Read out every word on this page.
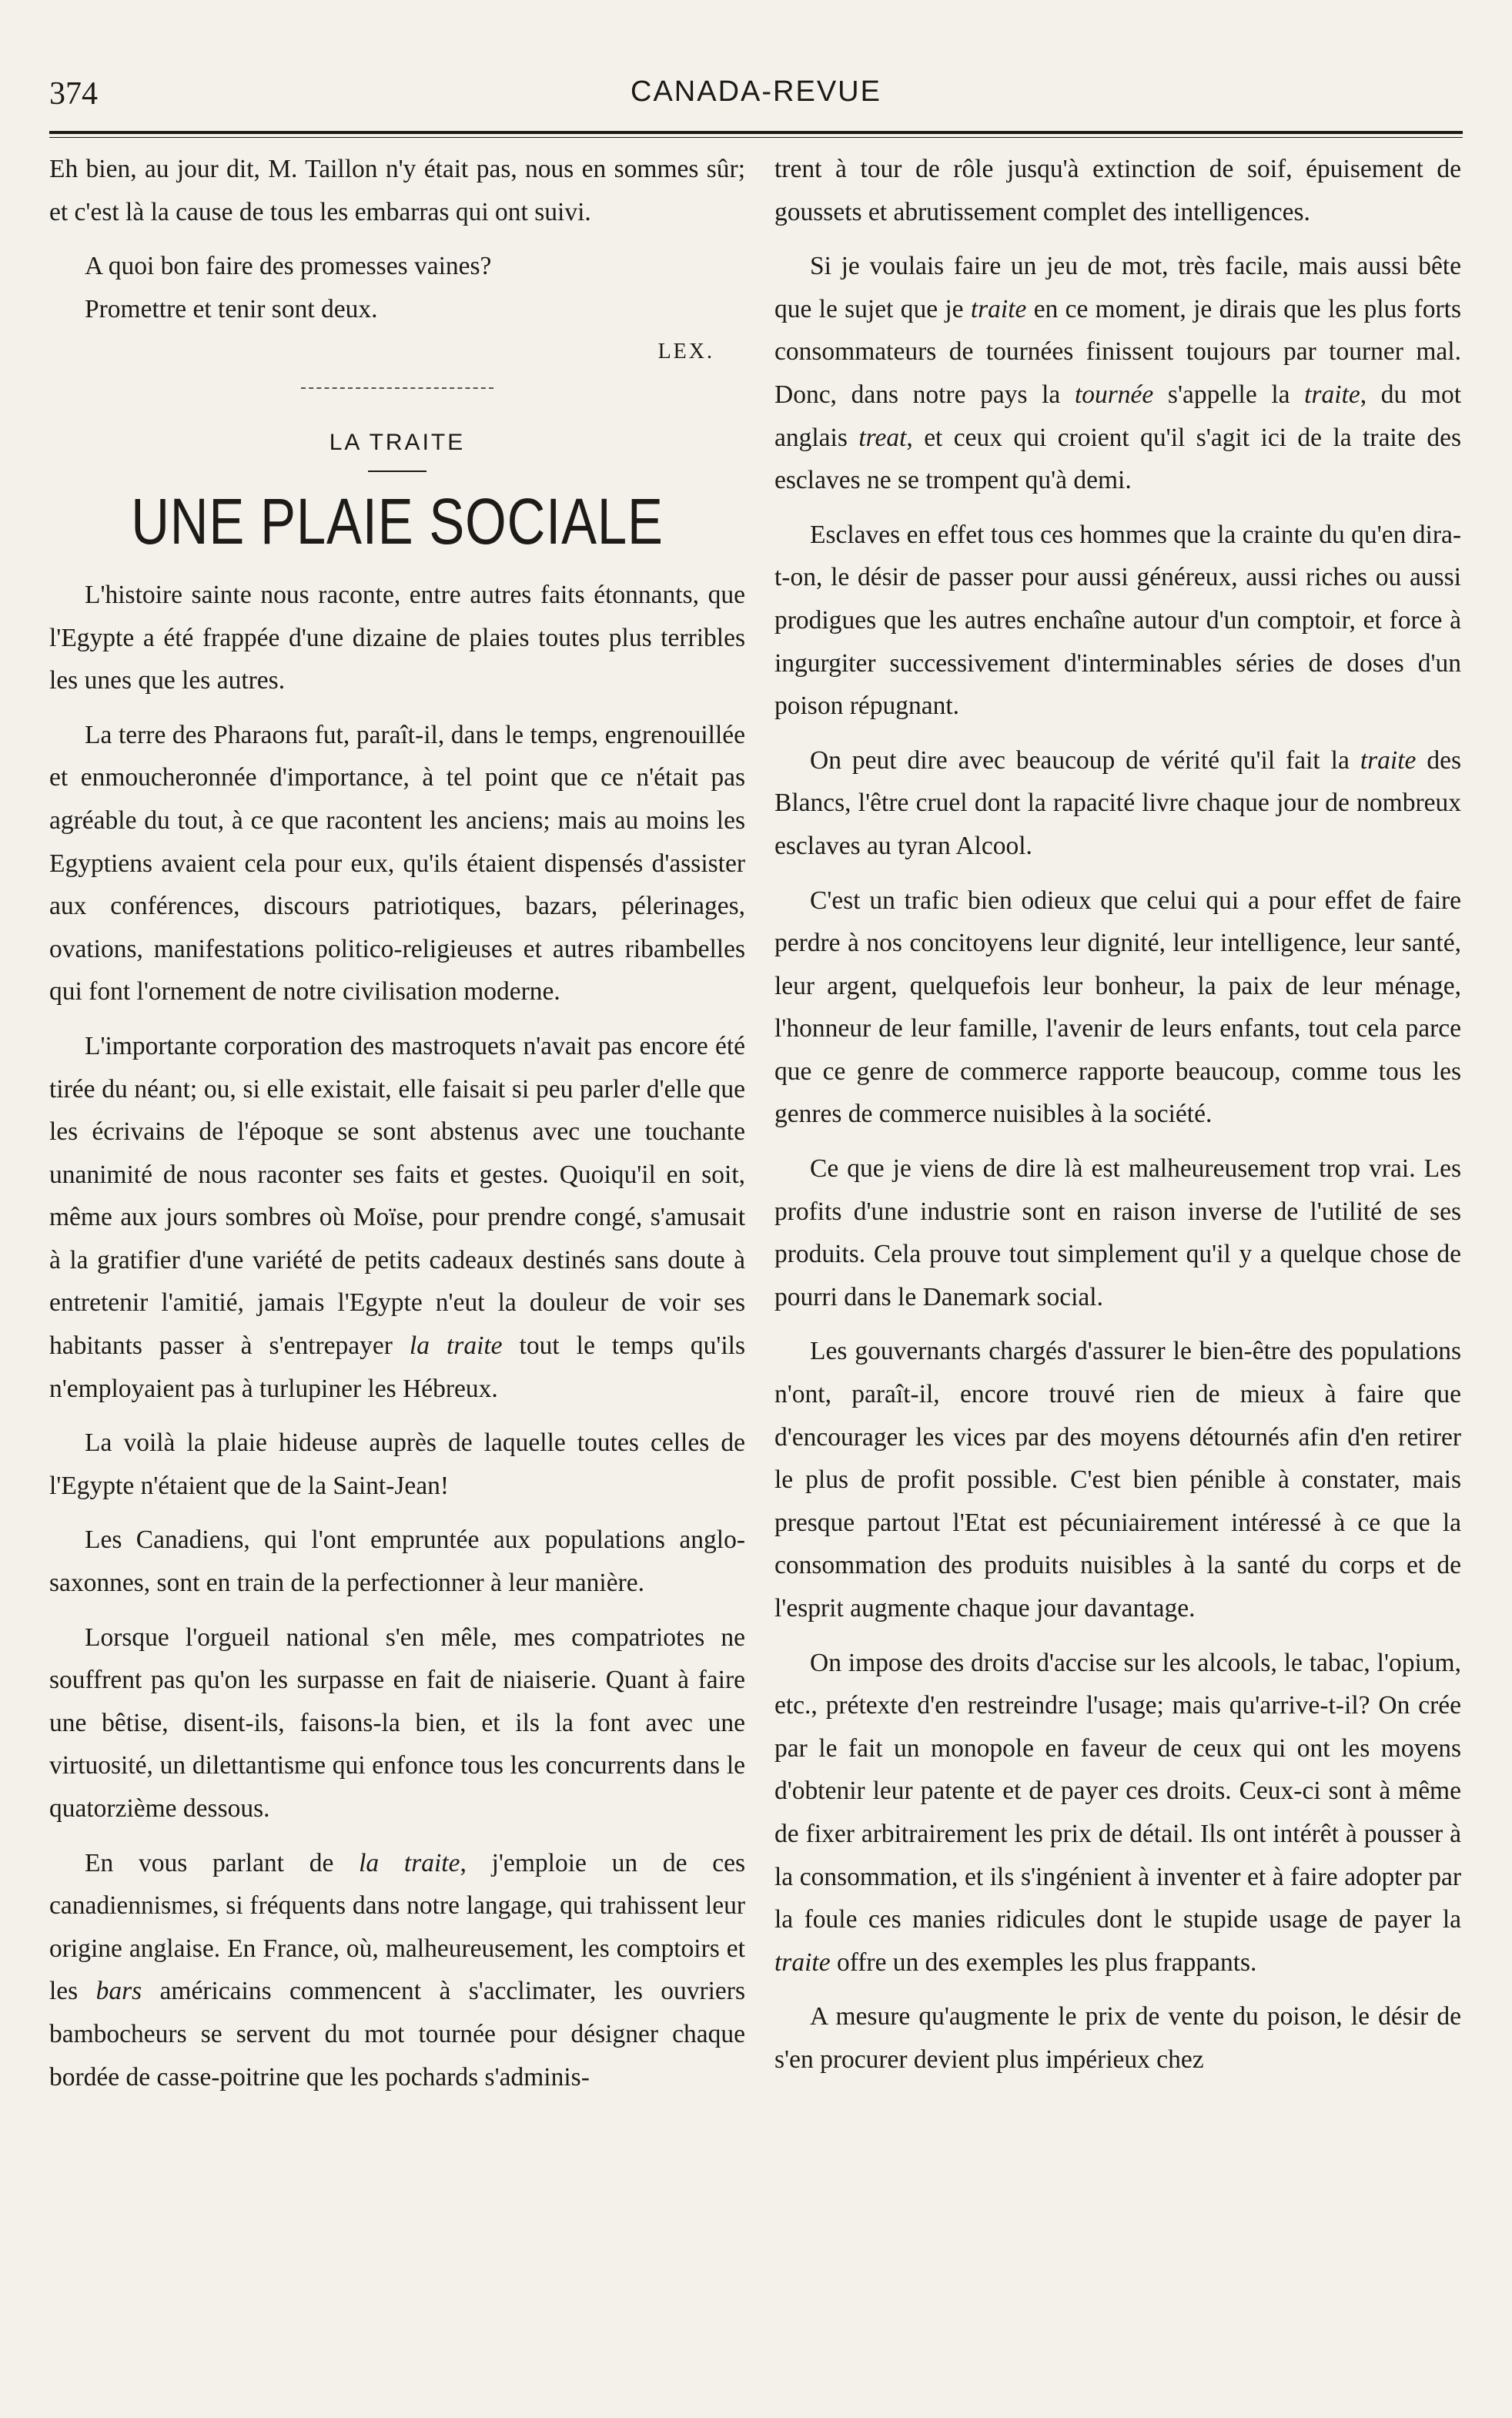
374	CANADA-REVUE

Eh bien, au jour dit, M. Taillon n'y était pas, nous en sommes sûr; et c'est là la cause de tous les embarras qui ont suivi.

A quoi bon faire des promesses vaines?

Promettre et tenir sont deux.

LEX.
LA TRAITE
UNE PLAIE SOCIALE

L'histoire sainte nous raconte, entre autres faits étonnants, que l'Egypte a été frappée d'une dizaine de plaies toutes plus terribles les unes que les autres.

La terre des Pharaons fut, paraît-il, dans le temps, engrenouillée et enmoucheronnée d'importance, à tel point que ce n'était pas agréable du tout, à ce que racontent les anciens; mais au moins les Egyptiens avaient cela pour eux, qu'ils étaient dispensés d'assister aux conférences, discours patriotiques, bazars, pélerinages, ovations, manifestations politico-religieuses et autres ribambelles qui font l'ornement de notre civilisation moderne.

L'importante corporation des mastroquets n'avait pas encore été tirée du néant; ou, si elle existait, elle faisait si peu parler d'elle que les écrivains de l'époque se sont abstenus avec une touchante unanimité de nous raconter ses faits et gestes. Quoiqu'il en soit, même aux jours sombres où Moïse, pour prendre congé, s'amusait à la gratifier d'une variété de petits cadeaux destinés sans doute à entretenir l'amitié, jamais l'Egypte n'eut la douleur de voir ses habitants passer à s'entrepayer la traite tout le temps qu'ils n'employaient pas à turlupiner les Hébreux.

La voilà la plaie hideuse auprès de laquelle toutes celles de l'Egypte n'étaient que de la Saint-Jean!

Les Canadiens, qui l'ont empruntée aux populations anglo-saxonnes, sont en train de la perfectionner à leur manière.

Lorsque l'orgueil national s'en mêle, mes compatriotes ne souffrent pas qu'on les surpasse en fait de niaiserie. Quant à faire une bêtise, disent-ils, faisons-la bien, et ils la font avec une virtuosité, un dilettantisme qui enfonce tous les concurrents dans le quatorzième dessous.

En vous parlant de la traite, j'emploie un de ces canadiennismes, si fréquents dans notre langage, qui trahissent leur origine anglaise. En France, où, malheureusement, les comptoirs et les bars américains commencent à s'acclimater, les ouvriers bambocheurs se servent du mot tournée pour désigner chaque bordée de casse-poitrine que les pochards s'adminis-

trent à tour de rôle jusqu'à extinction de soif, épuisement de goussets et abrutissement complet des intelligences.

Si je voulais faire un jeu de mot, très facile, mais aussi bête que le sujet que je traite en ce moment, je dirais que les plus forts consommateurs de tournées finissent toujours par tourner mal. Donc, dans notre pays la tournée s'appelle la traite, du mot anglais treat, et ceux qui croient qu'il s'agit ici de la traite des esclaves ne se trompent qu'à demi.

Esclaves en effet tous ces hommes que la crainte du qu'en dira-t-on, le désir de passer pour aussi généreux, aussi riches ou aussi prodigues que les autres enchaîne autour d'un comptoir, et force à ingurgiter successivement d'interminables séries de doses d'un poison répugnant.

On peut dire avec beaucoup de vérité qu'il fait la traite des Blancs, l'être cruel dont la rapacité livre chaque jour de nombreux esclaves au tyran Alcool.

C'est un trafic bien odieux que celui qui a pour effet de faire perdre à nos concitoyens leur dignité, leur intelligence, leur santé, leur argent, quelquefois leur bonheur, la paix de leur ménage, l'honneur de leur famille, l'avenir de leurs enfants, tout cela parce que ce genre de commerce rapporte beaucoup, comme tous les genres de commerce nuisibles à la société.

Ce que je viens de dire là est malheureusement trop vrai. Les profits d'une industrie sont en raison inverse de l'utilité de ses produits. Cela prouve tout simplement qu'il y a quelque chose de pourri dans le Danemark social.

Les gouvernants chargés d'assurer le bien-être des populations n'ont, paraît-il, encore trouvé rien de mieux à faire que d'encourager les vices par des moyens détournés afin d'en retirer le plus de profit possible. C'est bien pénible à constater, mais presque partout l'Etat est pécuniairement intéressé à ce que la consommation des produits nuisibles à la santé du corps et de l'esprit augmente chaque jour davantage.

On impose des droits d'accise sur les alcools, le tabac, l'opium, etc., prétexte d'en restreindre l'usage; mais qu'arrive-t-il? On crée par le fait un monopole en faveur de ceux qui ont les moyens d'obtenir leur patente et de payer ces droits. Ceux-ci sont à même de fixer arbitrairement les prix de détail. Ils ont intérêt à pousser à la consommation, et ils s'ingénient à inventer et à faire adopter par la foule ces manies ridicules dont le stupide usage de payer la traite offre un des exemples les plus frappants.

A mesure qu'augmente le prix de vente du poison, le désir de s'en procurer devient plus impérieux chez
